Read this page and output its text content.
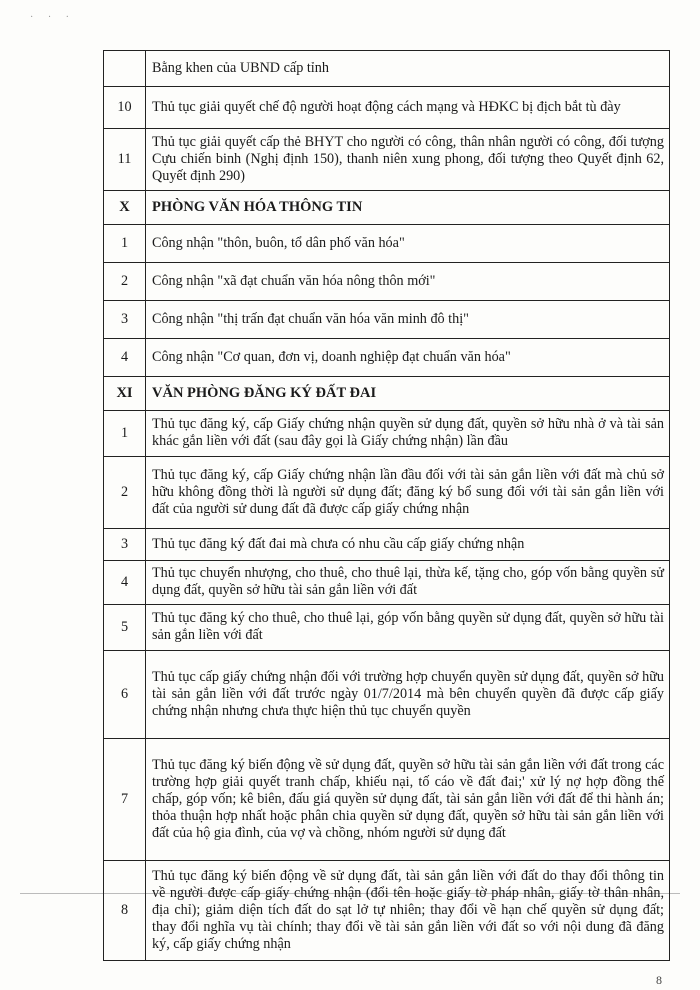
· · ·
	Bằng khen của UBND cấp tỉnh
10	Thủ tục giải quyết chế độ người hoạt động cách mạng và HĐKC bị địch bắt tù đày
11	Thủ tục giải quyết cấp thẻ BHYT cho người có công, thân nhân người có công, đối tượng Cựu chiến binh (Nghị định 150), thanh niên xung phong, đối tượng theo Quyết định 62, Quyết định 290)
X	PHÒNG VĂN HÓA THÔNG TIN
1	Công nhận "thôn, buôn, tổ dân phố văn hóa"
2	Công nhận "xã đạt chuẩn văn hóa nông thôn mới"
3	Công nhận "thị trấn đạt chuẩn văn hóa văn minh đô thị"
4	Công nhận "Cơ quan, đơn vị, doanh nghiệp đạt chuẩn văn hóa"
XI	VĂN PHÒNG ĐĂNG KÝ ĐẤT ĐAI
1	Thủ tục đăng ký, cấp Giấy chứng nhận quyền sử dụng đất, quyền sở hữu nhà ở và tài sản khác gắn liền với đất (sau đây gọi là Giấy chứng nhận) lần đầu
2	Thủ tục đăng ký, cấp Giấy chứng nhận lần đầu đối với tài sản gắn liền với đất mà chủ sở hữu không đồng thời là người sử dụng đất; đăng ký bổ sung đối với tài sản gắn liền với đất của người sử dung đất đã được cấp giấy chứng nhận
3	Thủ tục đăng ký đất đai mà chưa có nhu cầu cấp giấy chứng nhận
4	Thủ tục chuyển nhượng, cho thuê, cho thuê lại, thừa kế, tặng cho, góp vốn bằng quyền sử dụng đất, quyền sở hữu tài sản gắn liền với đất
5	Thủ tục đăng ký cho thuê, cho thuê lại, góp vốn bằng quyền sử dụng đất, quyền sở hữu tài sản gắn liền với đất
6	Thủ tục cấp giấy chứng nhận đối với trường hợp chuyển quyền sử dụng đất, quyền sở hữu tài sản gắn liền với đất trước ngày 01/7/2014 mà bên chuyển quyền đã được cấp giấy chứng nhận nhưng chưa thực hiện thủ tục chuyển quyền
7	Thủ tục đăng ký biến động về sử dụng đất, quyền sở hữu tài sản gắn liền với đất trong các trường hợp giải quyết tranh chấp, khiếu nại, tố cáo về đất đai;' xử lý nợ hợp đồng thế chấp, góp vốn; kê biên, đấu giá quyền sử dụng đất, tài sản gắn liền với đất để thi hành án; thỏa thuận hợp nhất hoặc phân chia quyền sử dụng đất, quyền sở hữu tài sản gắn liền với đất của hộ gia đình, của vợ và chồng, nhóm người sử dụng đất
8	Thủ tục đăng ký biến động về sử dụng đất, tài sản gắn liền với đất do thay đổi thông tin về người được cấp giấy chứng nhận (đổi tên hoặc giấy tờ pháp nhân, giấy tờ thân nhân, địa chỉ); giảm diện tích đất do sạt lở tự nhiên; thay đổi về hạn chế quyền sử dụng đất; thay đổi nghĩa vụ tài chính; thay đổi về tài sản gắn liền với đất so với nội dung đã đăng ký, cấp giấy chứng nhận
8
